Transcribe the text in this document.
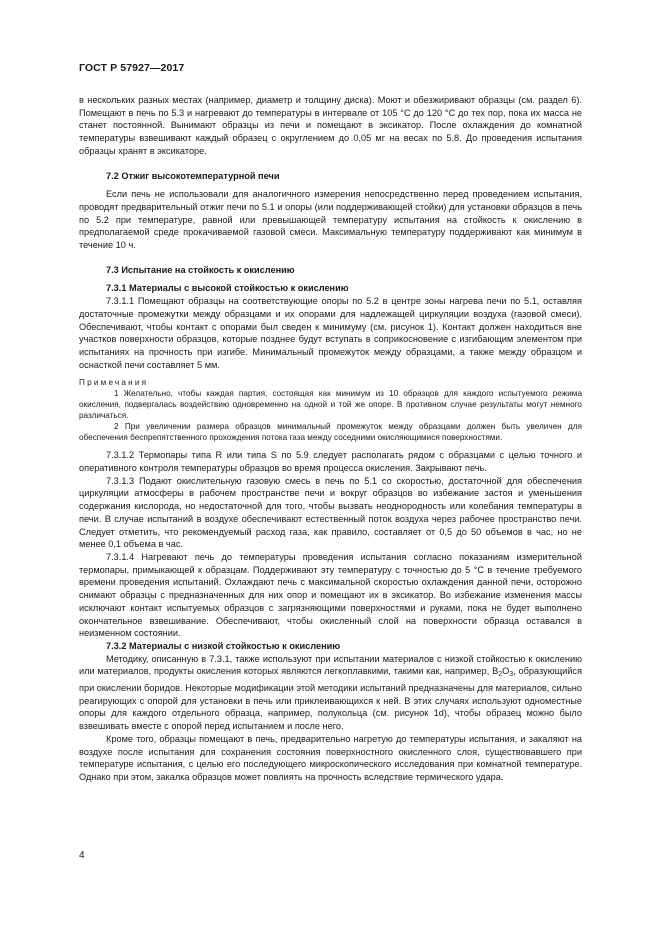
ГОСТ Р 57927—2017

в нескольких разных местах (например, диаметр и толщину диска). Моют и обезжиривают образцы (см. раздел 6). Помещают в печь по 5.3 и нагревают до температуры в интервале от 105 °С до 120 °С до тех пор, пока их масса не станет постоянной. Вынимают образцы из печи и помещают в эксикатор. После охлаждения до комнатной температуры взвешивают каждый образец с округлением до 0,05 мг на весах по 5.8. До проведения испытания образцы хранят в эксикаторе.

7.2 Отжиг высокотемпературной печи

Если печь не использовали для аналогичного измерения непосредственно перед проведением испытания, проводят предварительный отжиг печи по 5.1 и опоры (или поддерживающей стойки) для установки образцов в печь по 5.2 при температуре, равной или превышающей температуру испытания на стойкость к окислению в предполагаемой среде прокачиваемой газовой смеси. Максимальную температуру поддерживают как минимум в течение 10 ч.

7.3 Испытание на стойкость к окислению

7.3.1 Материалы с высокой стойкостью к окислению

7.3.1.1 Помещают образцы на соответствующие опоры по 5.2 в центре зоны нагрева печи по 5.1, оставляя достаточные промежутки между образцами и их опорами для надлежащей циркуляции воздуха (газовой смеси). Обеспечивают, чтобы контакт с опорами был сведен к минимуму (см. рисунок 1). Контакт должен находиться вне участков поверхности образцов, которые позднее будут вступать в соприкосновение с изгибающим элементом при испытаниях на прочность при изгибе. Минимальный промежуток между образцами, а также между образцом и оснасткой печи составляет 5 мм.

Примечания

1 Желательно, чтобы каждая партия, состоящая как минимум из 10 образцов для каждого испытуемого режима окисления, подвергалась воздействию одновременно на одной и той же опоре. В противном случае результаты могут немного различаться.

2 При увеличении размера образцов минимальный промежуток между образцами должен быть увеличен для обеспечения беспрепятственного прохождения потока газа между соседними окисляющимися поверхностями.

7.3.1.2 Термопары типа R или типа S по 5.9 следует располагать рядом с образцами с целью точного и оперативного контроля температуры образцов во время процесса окисления. Закрывают печь.

7.3.1.3 Подают окислительную газовую смесь в печь по 5.1 со скоростью, достаточной для обеспечения циркуляции атмосферы в рабочем пространстве печи и вокруг образцов во избежание застоя и уменьшения содержания кислорода, но недостаточной для того, чтобы вызвать неоднородность или колебания температуры в печи. В случае испытаний в воздухе обеспечивают естественный поток воздуха через рабочее пространство печи. Следует отметить, что рекомендуемый расход газа, как правило, составляет от 0,5 до 50 объемов в час, но не менее 0,1 объема в час.

7.3.1.4 Нагревают печь до температуры проведения испытания согласно показаниям измерительной термопары, примыкающей к образцам. Поддерживают эту температуру с точностью до 5 °С в течение требуемого времени проведения испытаний. Охлаждают печь с максимальной скоростью охлаждения данной печи, осторожно снимают образцы с предназначенных для них опор и помещают их в эксикатор. Во избежание изменения массы исключают контакт испытуемых образцов с загрязняющими поверхностями и руками, пока не будет выполнено окончательное взвешивание. Обеспечивают, чтобы окисленный слой на поверхности образца оставался в неизменном состоянии.

7.3.2 Материалы с низкой стойкостью к окислению

Методику, описанную в 7.3.1, также используют при испытании материалов с низкой стойкостью к окислению или материалов, продукты окисления которых являются легкоплавкими, такими как, например, $B_2O_3$, образующийся при окислении боридов. Некоторые модификации этой методики испытаний предназначены для материалов, сильно реагирующих с опорой для установки в печь или приклеивающихся к ней. В этих случаях используют одноместные опоры для каждого отдельного образца, например, полукольца (см. рисунок 1d), чтобы образец можно было взвешивать вместе с опорой перед испытанием и после него.

Кроме того, образцы помещают в печь, предварительно нагретую до температуры испытания, и закаляют на воздухе после испытания для сохранения состояния поверхностного окисленного слоя, существовавшего при температуре испытания, с целью его последующего микроскопического исследования при комнатной температуре. Однако при этом, закалка образцов может повлиять на прочность вследствие термического удара.

4
